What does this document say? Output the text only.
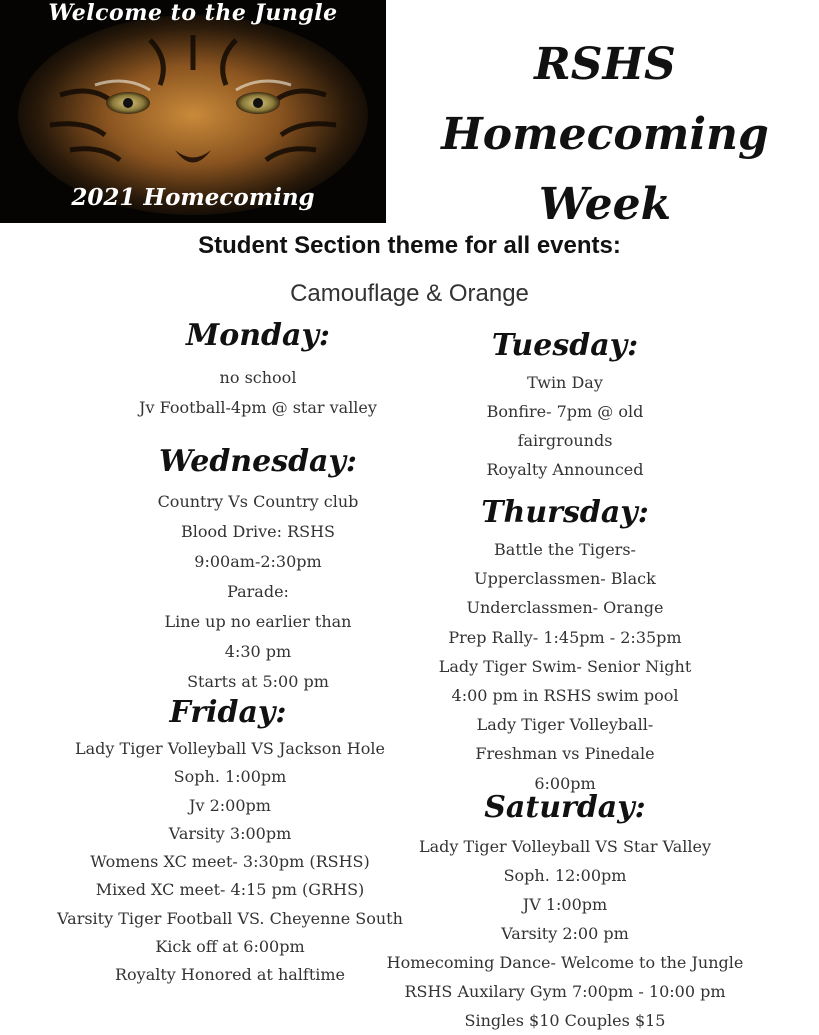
Welcome to the Jungle
2021 Homecoming
RSHS Homecoming
Week
Student Section theme for all events:
Camouflage & Orange
Monday:
no school
Jv Football-4pm @ star valley
Tuesday:
Twin Day
Bonfire- 7pm @ old
fairgrounds
Royalty Announced
Wednesday:
Country Vs Country club
Blood Drive: RSHS
9:00am-2:30pm
Parade:
Line up no earlier than
4:30 pm
Starts at 5:00 pm
Thursday:
Battle the Tigers-
Upperclassmen- Black
Underclassmen- Orange
Prep Rally- 1:45pm - 2:35pm
Lady Tiger Swim- Senior Night
4:00 pm in RSHS swim pool
Lady Tiger Volleyball-
Freshman vs Pinedale
6:00pm
Friday:
Lady Tiger Volleyball VS Jackson Hole
Soph. 1:00pm
Jv 2:00pm
Varsity 3:00pm
Womens XC meet- 3:30pm (RSHS)
Mixed XC meet- 4:15 pm (GRHS)
Varsity Tiger Football VS. Cheyenne South
Kick off at 6:00pm
Royalty Honored at halftime
Saturday:
Lady Tiger Volleyball VS Star Valley
Soph. 12:00pm
JV 1:00pm
Varsity 2:00 pm
Homecoming Dance- Welcome to the Jungle
RSHS Auxilary Gym 7:00pm - 10:00 pm
Singles $10 Couples $15
